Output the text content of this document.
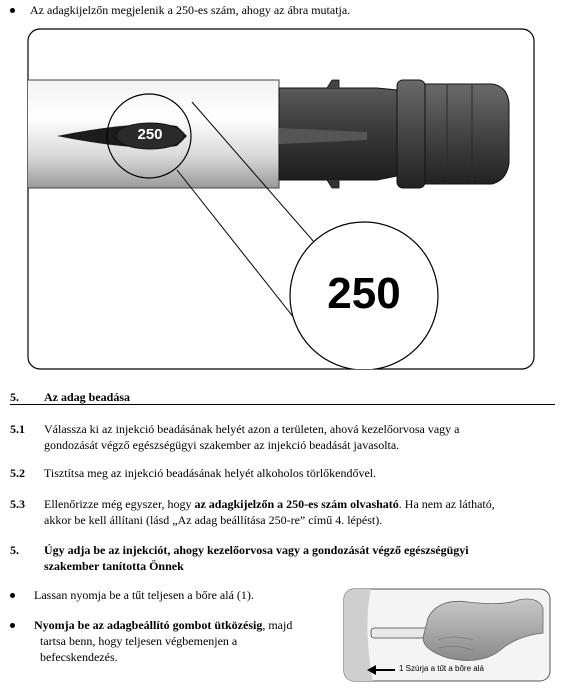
Az adagkijelzőn megjelenik a 250-es szám, ahogy az ábra mutatja.
250
250
5. Az adag beadása
5.1 Válassza ki az injekció beadásának helyét azon a területen, ahová kezelőorvosa vagy a
gondozását végző egészségügyi szakember az injekció beadását javasolta.
5.2 Tisztítsa meg az injekció beadásának helyét alkoholos törlőkendővel.
5.3 Ellenőrizze még egyszer, hogy az adagkijelzőn a 250-es szám olvasható. Ha nem az látható,
akkor be kell állítani (lásd „Az adag beállítása 250-re” című 4. lépést).
5. Úgy adja be az injekciót, ahogy kezelőorvosa vagy a gondozását végző egészségügyi
szakember tanította Önnek
Lassan nyomja be a tűt teljesen a bőre alá (1).
Nyomja be az adagbeállító gombot ütközésig, majd
tartsa benn, hogy teljesen végbemenjen a
befecskendezés.
1 Szúrja a tűt a bőre alá
